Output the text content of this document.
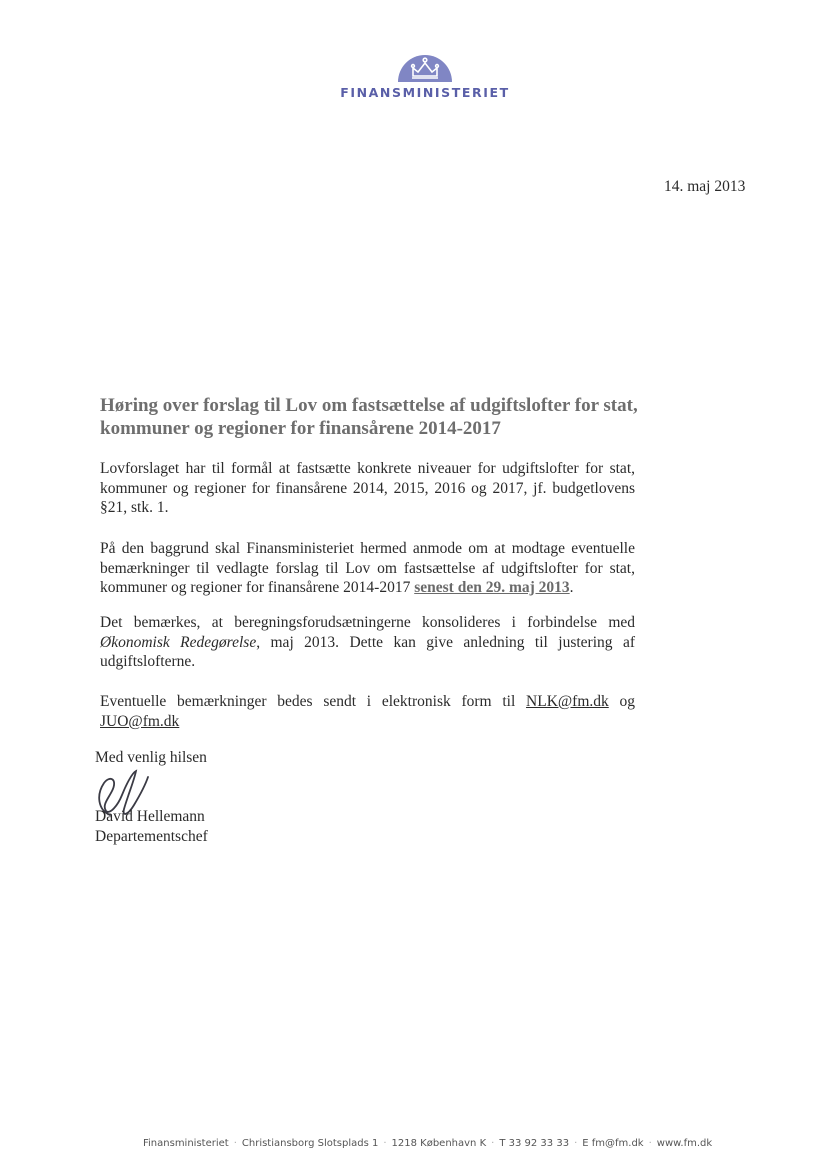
FINANSMINISTERIET
14. maj 2013
Høring over forslag til Lov om fastsættelse af udgiftslofter for stat, kommuner og regioner for finansårene 2014-2017
Lovforslaget har til formål at fastsætte konkrete niveauer for udgiftslofter for stat, kommuner og regioner for finansårene 2014, 2015, 2016 og 2017, jf. budgetlovens §21, stk. 1.
På den baggrund skal Finansministeriet hermed anmode om at modtage eventuelle bemærkninger til vedlagte forslag til Lov om fastsættelse af udgiftslofter for stat, kommuner og regioner for finansårene 2014-2017 senest den 29. maj 2013.
Det bemærkes, at beregningsforudsætningerne konsolideres i forbindelse med Økonomisk Redegørelse, maj 2013. Dette kan give anledning til justering af udgiftslofterne.
Eventuelle bemærkninger bedes sendt i elektronisk form til NLK@fm.dk og JUO@fm.dk
Med venlig hilsen
David Hellemann
Departementschef
Finansministeriet · Christiansborg Slotsplads 1 · 1218 København K · T 33 92 33 33 · E fm@fm.dk · www.fm.dk
